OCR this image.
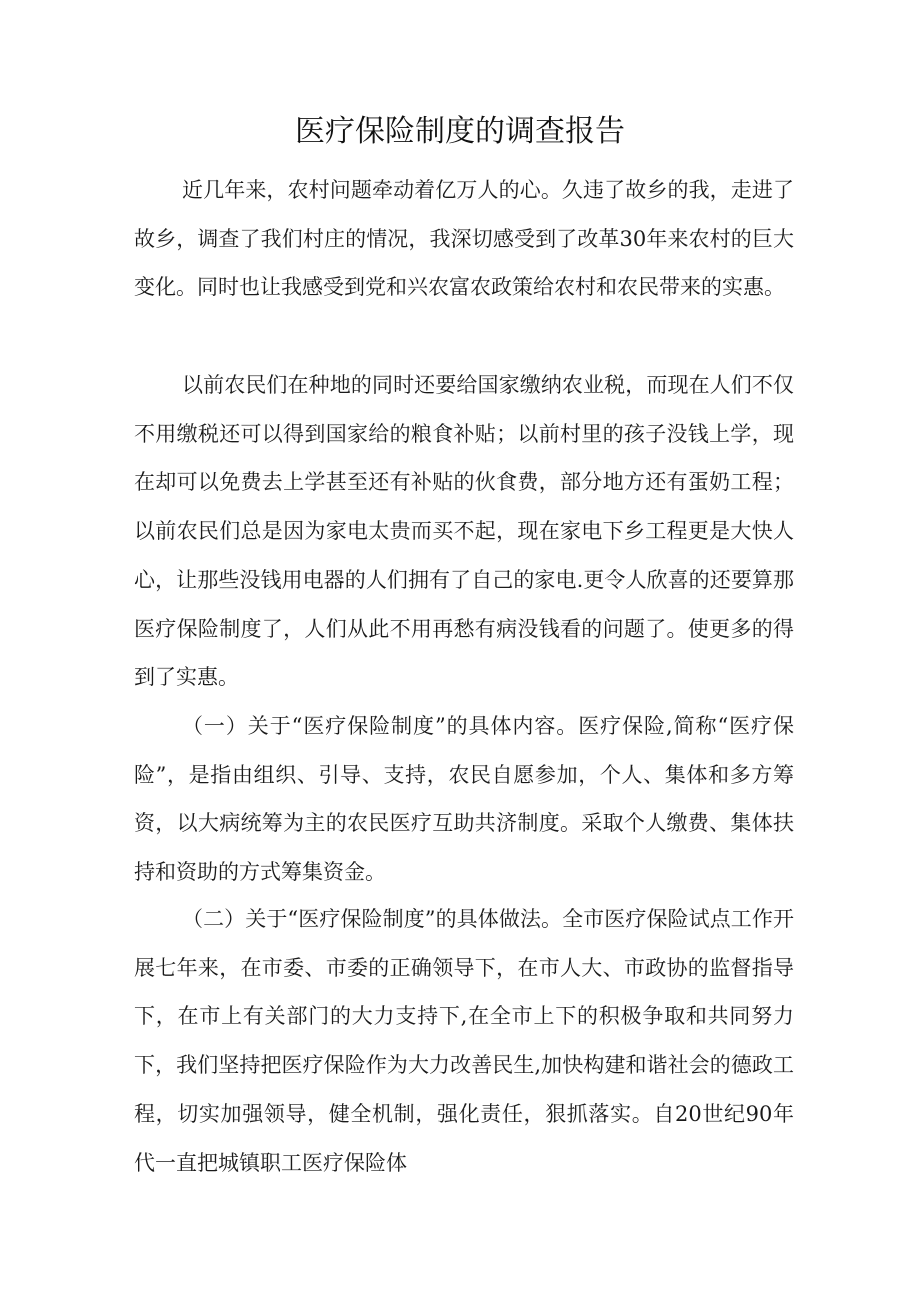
医疗保险制度的调查报告

近几年来，农村问题牵动着亿万人的心。久违了故乡的我，走进了故乡，调查了我们村庄的情况，我深切感受到了改革30年来农村的巨大变化。同时也让我感受到党和兴农富农政策给农村和农民带来的实惠。

以前农民们在种地的同时还要给国家缴纳农业税，而现在人们不仅不用缴税还可以得到国家给的粮食补贴；以前村里的孩子没钱上学，现在却可以免费去上学甚至还有补贴的伙食费，部分地方还有蛋奶工程；以前农民们总是因为家电太贵而买不起，现在家电下乡工程更是大快人心，让那些没钱用电器的人们拥有了自己的家电.更令人欣喜的还要算那医疗保险制度了，人们从此不用再愁有病没钱看的问题了。使更多的得到了实惠。

（一）关于“医疗保险制度”的具体内容。医疗保险,简称“医疗保险”，是指由组织、引导、支持，农民自愿参加，个人、集体和多方筹资，以大病统筹为主的农民医疗互助共济制度。采取个人缴费、集体扶持和资助的方式筹集资金。

（二）关于“医疗保险制度”的具体做法。全市医疗保险试点工作开展七年来，在市委、市委的正确领导下，在市人大、市政协的监督指导下，在市上有关部门的大力支持下,在全市上下的积极争取和共同努力下，我们坚持把医疗保险作为大力改善民生,加快构建和谐社会的德政工程，切实加强领导，健全机制，强化责任，狠抓落实。自20世纪90年代一直把城镇职工医疗保险体
